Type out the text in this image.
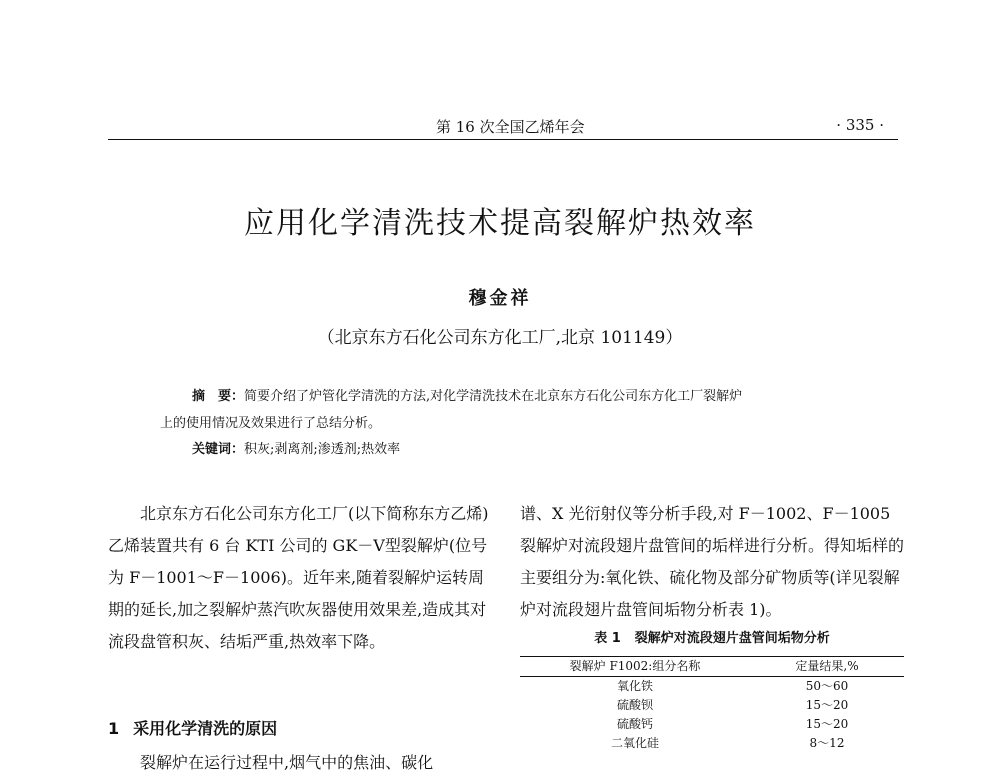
第 16 次全国乙烯年会	· 335 ·
应用化学清洗技术提高裂解炉热效率
穆金祥
（北京东方石化公司东方化工厂,北京 101149）
摘　要：简要介绍了炉管化学清洗的方法,对化学清洗技术在北京东方石化公司东方化工厂裂解炉
上的使用情况及效果进行了总结分析。
关键词：积灰;剥离剂;渗透剂;热效率

北京东方石化公司东方化工厂(以下简称东方乙烯)乙烯装置共有 6 台 KTI 公司的 GK－Ⅴ型裂解炉(位号为 F－1001～F－1006)。近年来,随着裂解炉运转周期的延长,加之裂解炉蒸汽吹灰器使用效果差,造成其对流段盘管积灰、结垢严重,热效率下降。

1 采用化学清洗的原因
裂解炉在运行过程中,烟气中的焦油、碳化

谱、X 光衍射仪等分析手段,对 F－1002、F－1005 裂解炉对流段翅片盘管间的垢样进行分析。得知垢样的主要组分为:氧化铁、硫化物及部分矿物质等(详见裂解炉对流段翅片盘管间垢物分析表 1)。

表 1 裂解炉对流段翅片盘管间垢物分析
裂解炉 F1002:组分名称	定量结果,%
氧化铁	50～60
硫酸钡	15～20
硫酸钙	15～20
二氧化硅	8～12
